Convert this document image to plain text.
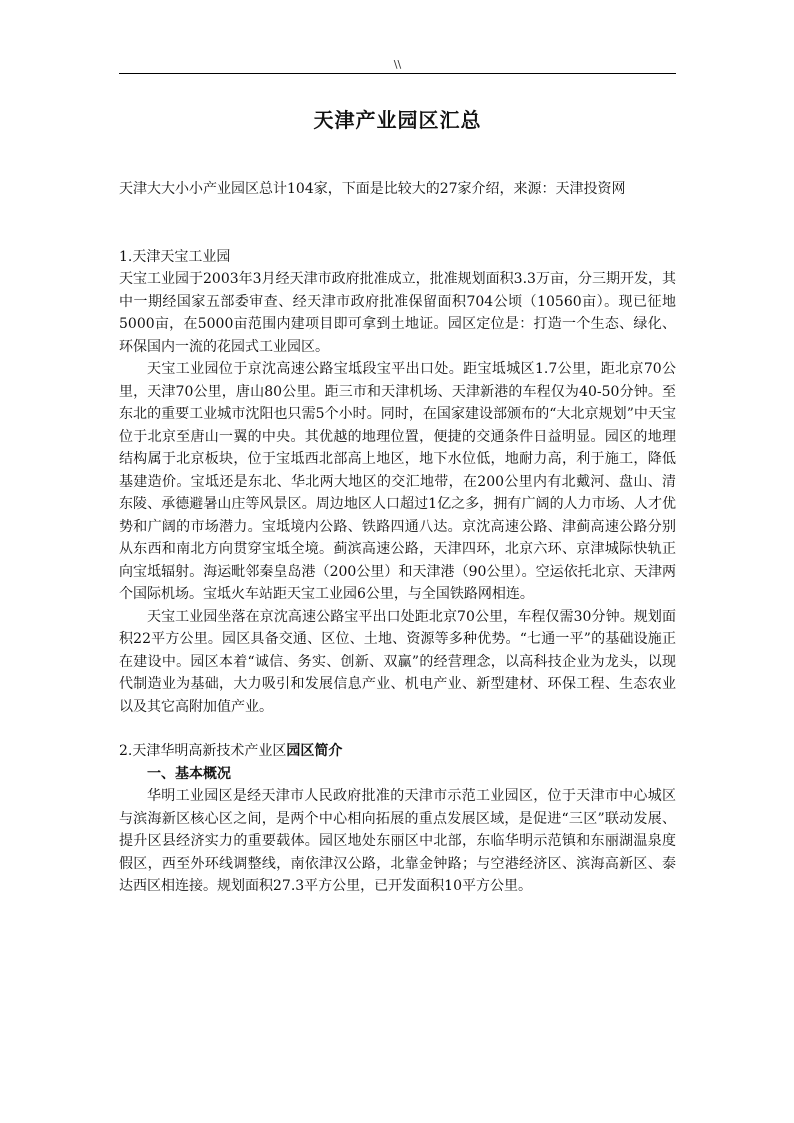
\\
天津产业园区汇总

天津大大小小产业园区总计104家，下面是比较大的27家介绍，来源：天津投资网

1.天津天宝工业园

天宝工业园于2003年3月经天津市政府批准成立，批准规划面积3.3万亩，分三期开发，其中一期经国家五部委审查、经天津市政府批准保留面积704公顷（10560亩）。现已征地5000亩，在5000亩范围内建项目即可拿到土地证。园区定位是：打造一个生态、绿化、环保国内一流的花园式工业园区。

天宝工业园位于京沈高速公路宝坻段宝平出口处。距宝坻城区1.7公里，距北京70公里，天津70公里，唐山80公里。距三市和天津机场、天津新港的车程仅为40-50分钟。至东北的重要工业城市沈阳也只需5个小时。同时，在国家建设部颁布的“大北京规划”中天宝位于北京至唐山一翼的中央。其优越的地理位置，便捷的交通条件日益明显。园区的地理结构属于北京板块，位于宝坻西北部高上地区，地下水位低，地耐力高，利于施工，降低基建造价。宝坻还是东北、华北两大地区的交汇地带，在200公里内有北戴河、盘山、清东陵、承德避暑山庄等风景区。周边地区人口超过1亿之多，拥有广阔的人力市场、人才优势和广阔的市场潜力。宝坻境内公路、铁路四通八达。京沈高速公路、津蓟高速公路分别从东西和南北方向贯穿宝坻全境。蓟滨高速公路，天津四环，北京六环、京津城际快轨正向宝坻辐射。海运毗邻秦皇岛港（200公里）和天津港（90公里）。空运依托北京、天津两个国际机场。宝坻火车站距天宝工业园6公里，与全国铁路网相连。

天宝工业园坐落在京沈高速公路宝平出口处距北京70公里，车程仅需30分钟。规划面积22平方公里。园区具备交通、区位、土地、资源等多种优势。“七通一平”的基础设施正在建设中。园区本着“诚信、务实、创新、双赢”的经营理念，以高科技企业为龙头，以现代制造业为基础，大力吸引和发展信息产业、机电产业、新型建材、环保工程、生态农业以及其它高附加值产业。

2.天津华明高新技术产业区园区简介

一、基本概况

华明工业园区是经天津市人民政府批准的天津市示范工业园区，位于天津市中心城区与滨海新区核心区之间，是两个中心相向拓展的重点发展区域，是促进“三区”联动发展、提升区县经济实力的重要载体。园区地处东丽区中北部，东临华明示范镇和东丽湖温泉度假区，西至外环线调整线，南依津汉公路，北靠金钟路；与空港经济区、滨海高新区、泰达西区相连接。规划面积27.3平方公里，已开发面积10平方公里。
